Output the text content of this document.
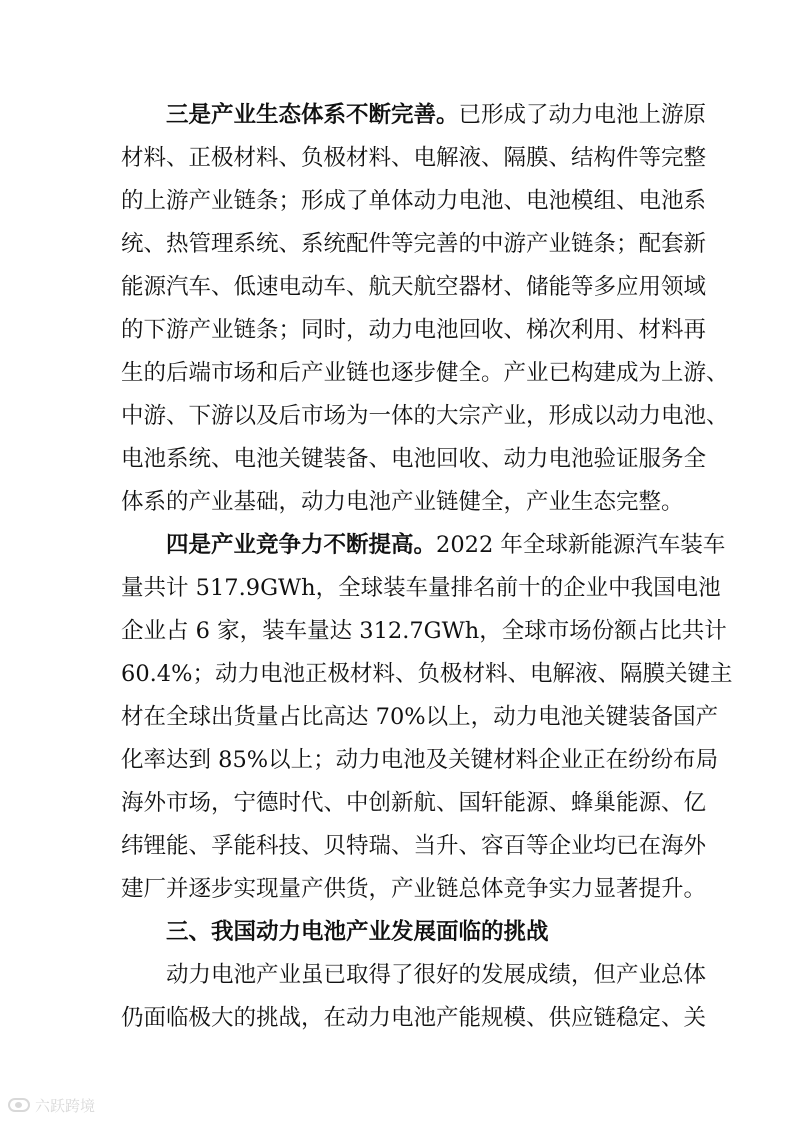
三是产业生态体系不断完善。已形成了动力电池上游原
材料、正极材料、负极材料、电解液、隔膜、结构件等完整
的上游产业链条；形成了单体动力电池、电池模组、电池系
统、热管理系统、系统配件等完善的中游产业链条；配套新
能源汽车、低速电动车、航天航空器材、储能等多应用领域
的下游产业链条；同时，动力电池回收、梯次利用、材料再
生的后端市场和后产业链也逐步健全。产业已构建成为上游、
中游、下游以及后市场为一体的大宗产业，形成以动力电池、
电池系统、电池关键装备、电池回收、动力电池验证服务全
体系的产业基础，动力电池产业链健全，产业生态完整。
四是产业竞争力不断提高。2022 年全球新能源汽车装车
量共计 517.9GWh，全球装车量排名前十的企业中我国电池
企业占 6 家，装车量达 312.7GWh，全球市场份额占比共计
60.4%；动力电池正极材料、负极材料、电解液、隔膜关键主
材在全球出货量占比高达 70%以上，动力电池关键装备国产
化率达到 85%以上；动力电池及关键材料企业正在纷纷布局
海外市场，宁德时代、中创新航、国轩能源、蜂巢能源、亿
纬锂能、孚能科技、贝特瑞、当升、容百等企业均已在海外
建厂并逐步实现量产供货，产业链总体竞争实力显著提升。
三、我国动力电池产业发展面临的挑战
动力电池产业虽已取得了很好的发展成绩，但产业总体
仍面临极大的挑战，在动力电池产能规模、供应链稳定、关
六跃跨境
